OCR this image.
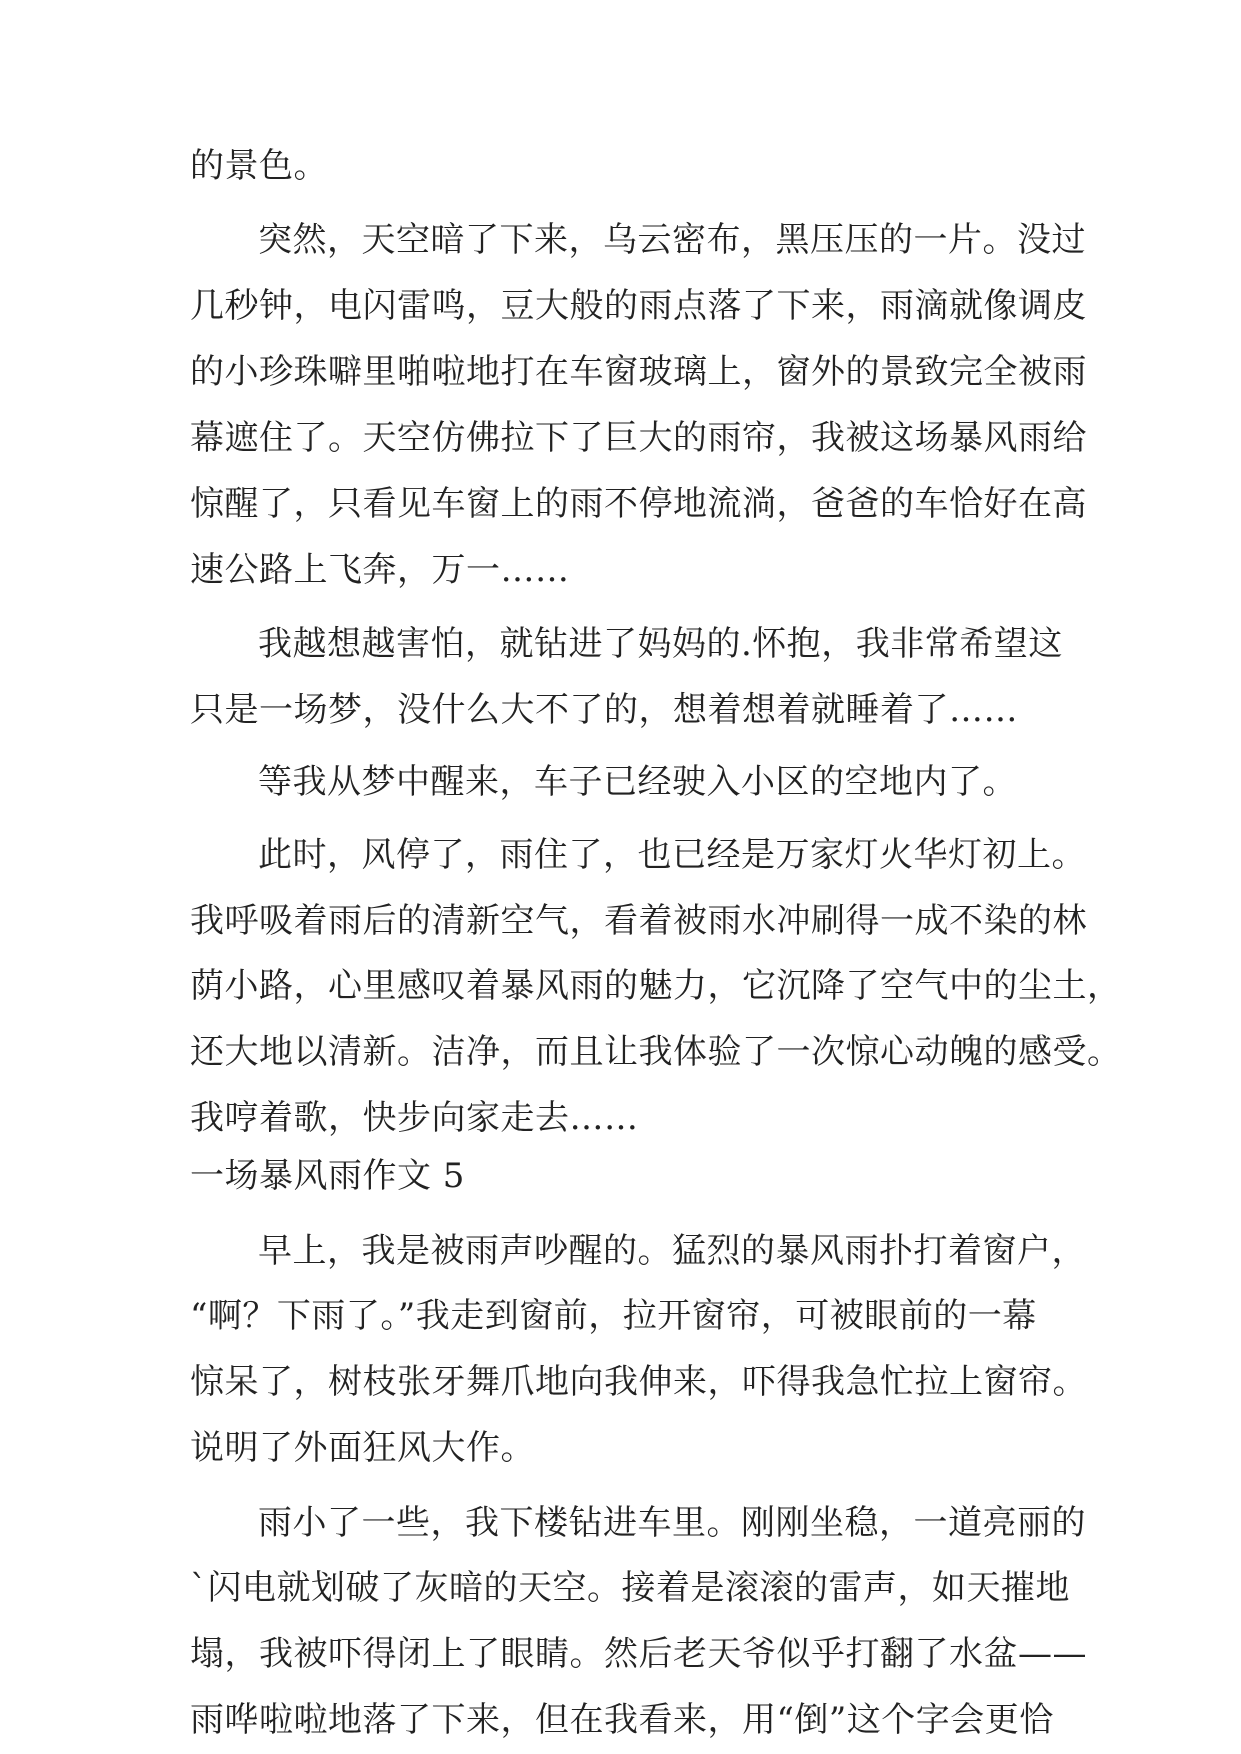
的景色。
突然，天空暗了下来，乌云密布，黑压压的一片。没过
几秒钟，电闪雷鸣，豆大般的雨点落了下来，雨滴就像调皮
的小珍珠噼里啪啦地打在车窗玻璃上，窗外的景致完全被雨
幕遮住了。天空仿佛拉下了巨大的雨帘，我被这场暴风雨给
惊醒了，只看见车窗上的雨不停地流淌，爸爸的车恰好在高
速公路上飞奔，万一……
我越想越害怕，就钻进了妈妈的.怀抱，我非常希望这
只是一场梦，没什么大不了的，想着想着就睡着了……
等我从梦中醒来，车子已经驶入小区的空地内了。
此时，风停了，雨住了，也已经是万家灯火华灯初上。
我呼吸着雨后的清新空气，看着被雨水冲刷得一成不染的林
荫小路，心里感叹着暴风雨的魅力，它沉降了空气中的尘土，
还大地以清新。洁净，而且让我体验了一次惊心动魄的感受。
我哼着歌，快步向家走去……
一场暴风雨作文 5
早上，我是被雨声吵醒的。猛烈的暴风雨扑打着窗户，
“啊？下雨了。”我走到窗前，拉开窗帘，可被眼前的一幕
惊呆了，树枝张牙舞爪地向我伸来，吓得我急忙拉上窗帘。
说明了外面狂风大作。
雨小了一些，我下楼钻进车里。刚刚坐稳，一道亮丽的
`闪电就划破了灰暗的天空。接着是滚滚的雷声，如天摧地
塌，我被吓得闭上了眼睛。然后老天爷似乎打翻了水盆——
雨哗啦啦地落了下来，但在我看来，用“倒”这个字会更恰
